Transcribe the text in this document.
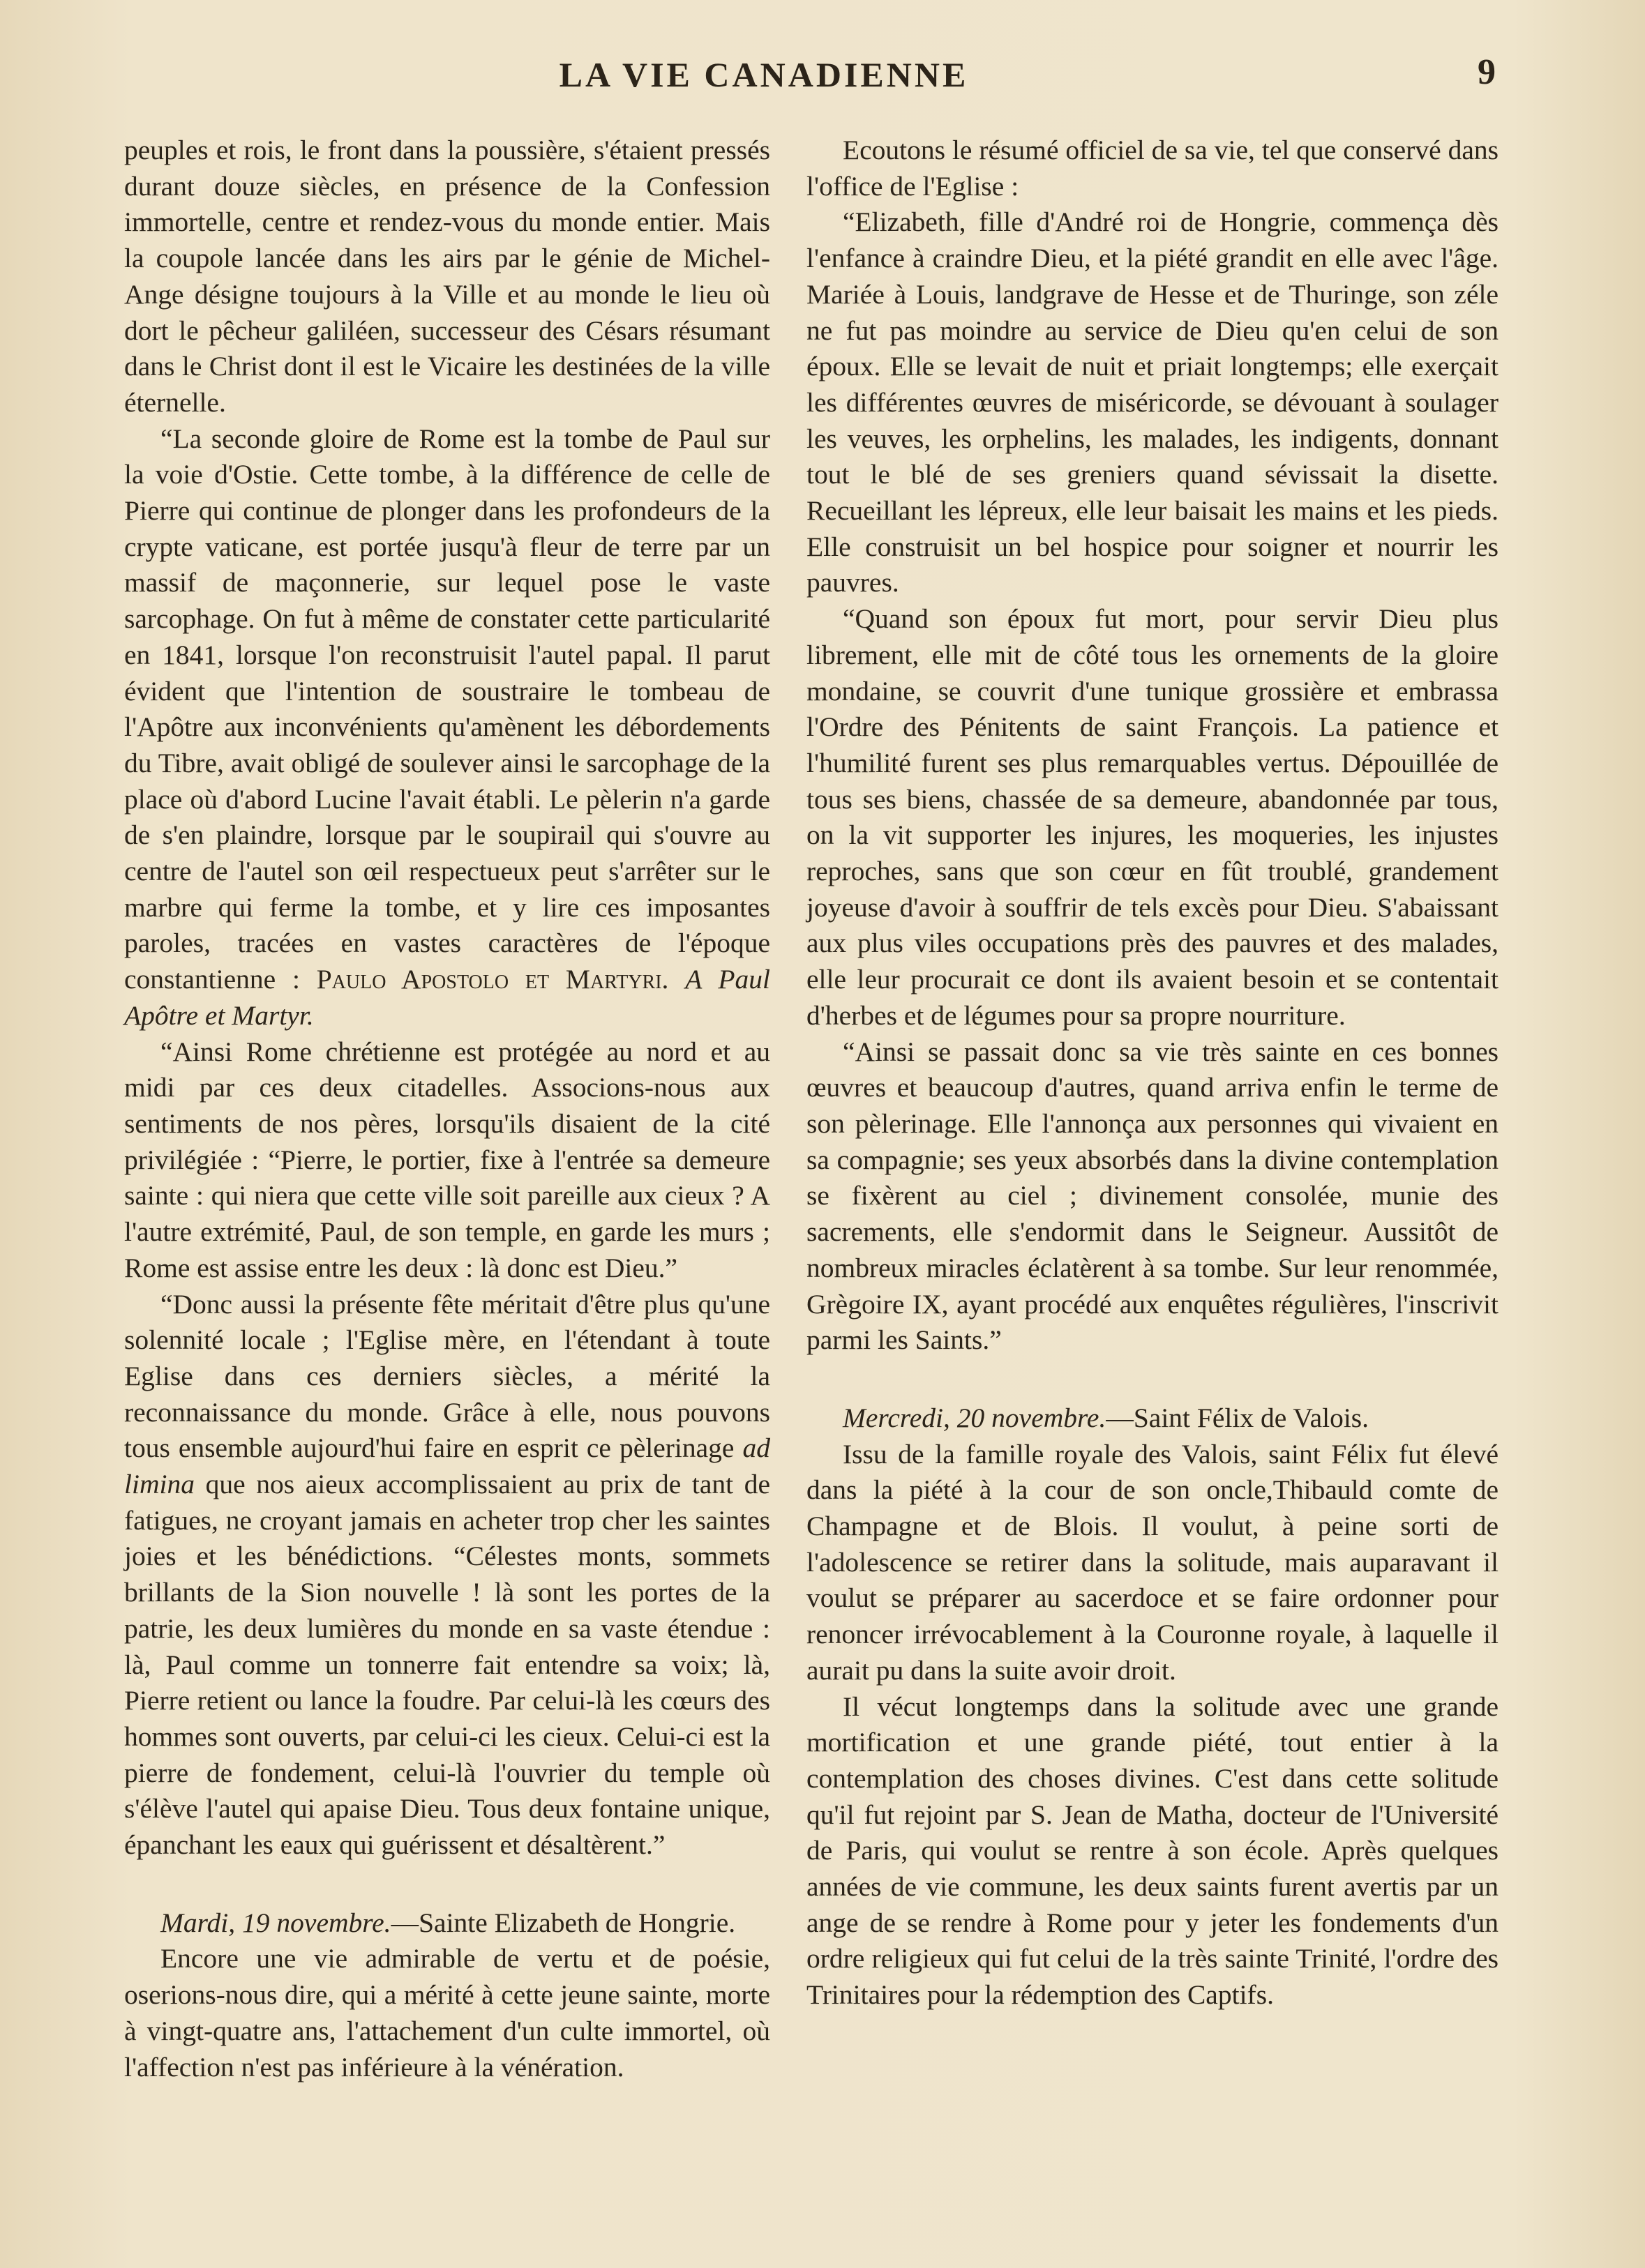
LA VIE CANADIENNE	9

peuples et rois, le front dans la poussière, s'étaient pressés durant douze siècles, en présence de la Confession immortelle, centre et rendez-vous du monde entier. Mais la coupole lancée dans les airs par le génie de Michel-Ange désigne toujours à la Ville et au monde le lieu où dort le pêcheur galiléen, successeur des Césars résumant dans le Christ dont il est le Vicaire les destinées de la ville éternelle.

“La seconde gloire de Rome est la tombe de Paul sur la voie d'Ostie. Cette tombe, à la différence de celle de Pierre qui continue de plonger dans les profondeurs de la crypte vaticane, est portée jusqu'à fleur de terre par un massif de maçonnerie, sur lequel pose le vaste sarcophage. On fut à même de constater cette particularité en 1841, lorsque l'on reconstruisit l'autel papal. Il parut évident que l'intention de soustraire le tombeau de l'Apôtre aux inconvénients qu'amènent les débordements du Tibre, avait obligé de soulever ainsi le sarcophage de la place où d'abord Lucine l'avait établi. Le pèlerin n'a garde de s'en plaindre, lorsque par le soupirail qui s'ouvre au centre de l'autel son œil respectueux peut s'arrêter sur le marbre qui ferme la tombe, et y lire ces imposantes paroles, tracées en vastes caractères de l'époque constantienne : Paulo Apostolo et Martyri. A Paul Apôtre et Martyr.

“Ainsi Rome chrétienne est protégée au nord et au midi par ces deux citadelles. Associons-nous aux sentiments de nos pères, lorsqu'ils disaient de la cité privilégiée : “Pierre, le portier, fixe à l'entrée sa demeure sainte : qui niera que cette ville soit pareille aux cieux ? A l'autre extrémité, Paul, de son temple, en garde les murs ; Rome est assise entre les deux : là donc est Dieu.”

“Donc aussi la présente fête méritait d'être plus qu'une solennité locale ; l'Eglise mère, en l'étendant à toute Eglise dans ces derniers siècles, a mérité la reconnaissance du monde. Grâce à elle, nous pouvons tous ensemble aujourd'hui faire en esprit ce pèlerinage ad limina que nos aieux accomplissaient au prix de tant de fatigues, ne croyant jamais en acheter trop cher les saintes joies et les bénédictions. “Célestes monts, sommets brillants de la Sion nouvelle ! là sont les portes de la patrie, les deux lumières du monde en sa vaste étendue : là, Paul comme un tonnerre fait entendre sa voix; là, Pierre retient ou lance la foudre. Par celui-là les cœurs des hommes sont ouverts, par celui-ci les cieux. Celui-ci est la pierre de fondement, celui-là l'ouvrier du temple où s'élève l'autel qui apaise Dieu. Tous deux fontaine unique, épanchant les eaux qui guérissent et désaltèrent.”

Mardi, 19 novembre.—Sainte Elizabeth de Hongrie.

Encore une vie admirable de vertu et de poésie, oserions-nous dire, qui a mérité à cette jeune sainte, morte à vingt-quatre ans, l'attachement d'un culte immortel, où l'affection n'est pas inférieure à la vénération.

Ecoutons le résumé officiel de sa vie, tel que conservé dans l'office de l'Eglise :

“Elizabeth, fille d'André roi de Hongrie, commença dès l'enfance à craindre Dieu, et la piété grandit en elle avec l'âge. Mariée à Louis, landgrave de Hesse et de Thuringe, son zéle ne fut pas moindre au service de Dieu qu'en celui de son époux. Elle se levait de nuit et priait longtemps; elle exerçait les différentes œuvres de miséricorde, se dévouant à soulager les veuves, les orphelins, les malades, les indigents, donnant tout le blé de ses greniers quand sévissait la disette. Recueillant les lépreux, elle leur baisait les mains et les pieds. Elle construisit un bel hospice pour soigner et nourrir les pauvres.

“Quand son époux fut mort, pour servir Dieu plus librement, elle mit de côté tous les ornements de la gloire mondaine, se couvrit d'une tunique grossière et embrassa l'Ordre des Pénitents de saint François. La patience et l'humilité furent ses plus remarquables vertus. Dépouillée de tous ses biens, chassée de sa demeure, abandonnée par tous, on la vit supporter les injures, les moqueries, les injustes reproches, sans que son cœur en fût troublé, grandement joyeuse d'avoir à souffrir de tels excès pour Dieu. S'abaissant aux plus viles occupations près des pauvres et des malades, elle leur procurait ce dont ils avaient besoin et se contentait d'herbes et de légumes pour sa propre nourriture.

“Ainsi se passait donc sa vie très sainte en ces bonnes œuvres et beaucoup d'autres, quand arriva enfin le terme de son pèlerinage. Elle l'annonça aux personnes qui vivaient en sa compagnie; ses yeux absorbés dans la divine contemplation se fixèrent au ciel ; divinement consolée, munie des sacrements, elle s'endormit dans le Seigneur. Aussitôt de nombreux miracles éclatèrent à sa tombe. Sur leur renommée, Grègoire IX, ayant procédé aux enquêtes régulières, l'inscrivit parmi les Saints.”

Mercredi, 20 novembre.—Saint Félix de Valois.

Issu de la famille royale des Valois, saint Félix fut élevé dans la piété à la cour de son oncle,Thibauld comte de Champagne et de Blois. Il voulut, à peine sorti de l'adolescence se retirer dans la solitude, mais auparavant il voulut se préparer au sacerdoce et se faire ordonner pour renoncer irrévocablement à la Couronne royale, à laquelle il aurait pu dans la suite avoir droit.

Il vécut longtemps dans la solitude avec une grande mortification et une grande piété, tout entier à la contemplation des choses divines. C'est dans cette solitude qu'il fut rejoint par S. Jean de Matha, docteur de l'Université de Paris, qui voulut se rentre à son école. Après quelques années de vie commune, les deux saints furent avertis par un ange de se rendre à Rome pour y jeter les fondements d'un ordre religieux qui fut celui de la très sainte Trinité, l'ordre des Trinitaires pour la rédemption des Captifs.
